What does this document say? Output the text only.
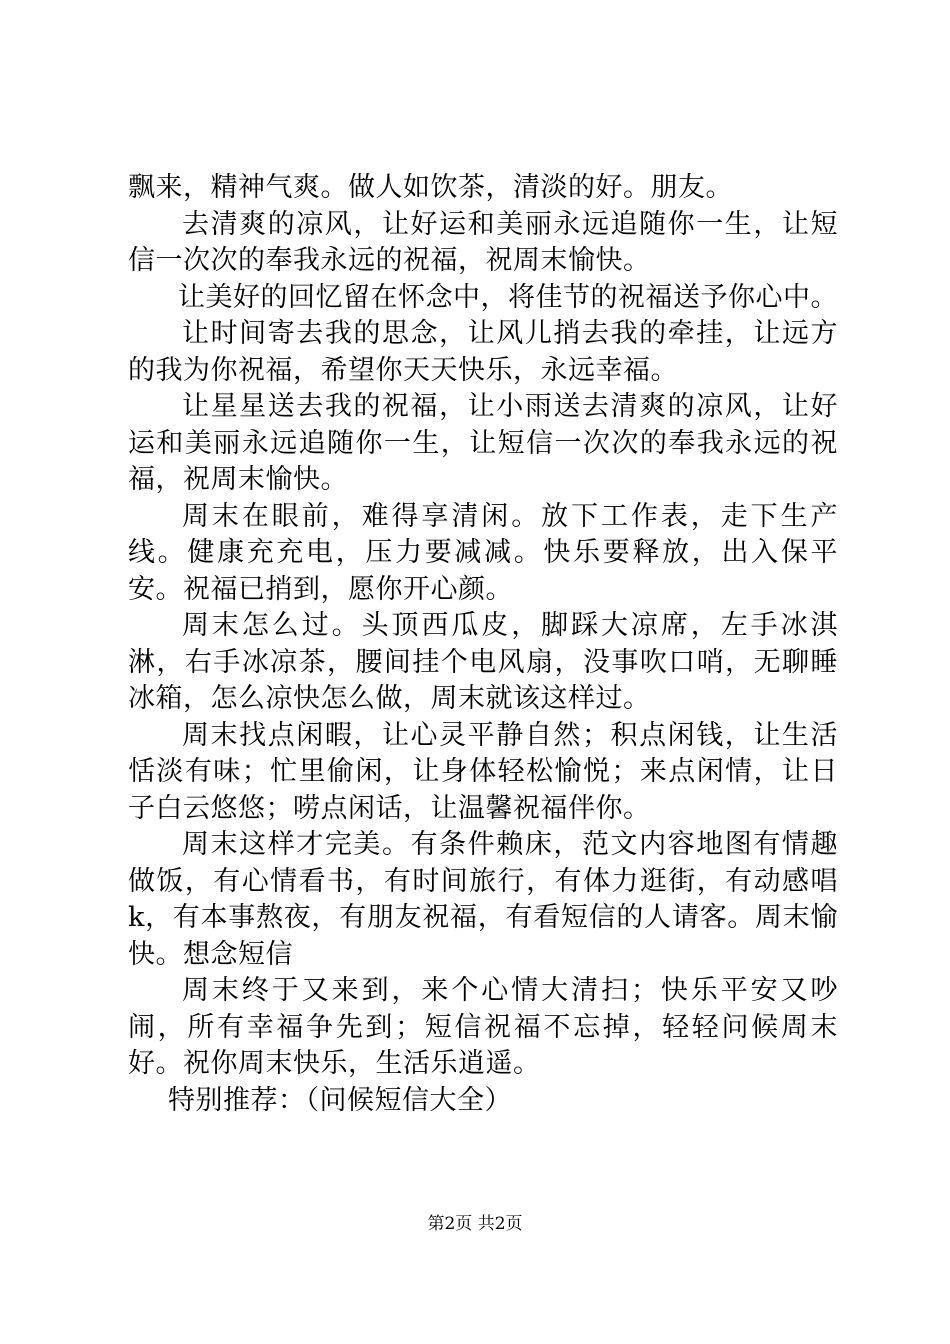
飘来，精神气爽。做人如饮茶，清淡的好。朋友。

去清爽的凉风，让好运和美丽永远追随你一生，让短信一次次的奉我永远的祝福，祝周末愉快。

让美好的回忆留在怀念中，将佳节的祝福送予你心中。

让时间寄去我的思念，让风儿捎去我的牵挂，让远方的我为你祝福，希望你天天快乐，永远幸福。

让星星送去我的祝福，让小雨送去清爽的凉风，让好运和美丽永远追随你一生，让短信一次次的奉我永远的祝福，祝周末愉快。

周末在眼前，难得享清闲。放下工作表，走下生产线。健康充充电，压力要减减。快乐要释放，出入保平安。祝福已捎到，愿你开心颜。

周末怎么过。头顶西瓜皮，脚踩大凉席，左手冰淇淋，右手冰凉茶，腰间挂个电风扇，没事吹口哨，无聊睡冰箱，怎么凉快怎么做，周末就该这样过。

周末找点闲暇，让心灵平静自然；积点闲钱，让生活恬淡有味；忙里偷闲，让身体轻松愉悦；来点闲情，让日子白云悠悠；唠点闲话，让温馨祝福伴你。

周末这样才完美。有条件赖床，范文内容地图有情趣做饭，有心情看书，有时间旅行，有体力逛街，有动感唱k，有本事熬夜，有朋友祝福，有看短信的人请客。周末愉快。想念短信

周末终于又来到，来个心情大清扫；快乐平安又吵闹，所有幸福争先到；短信祝福不忘掉，轻轻问候周末好。祝你周末快乐，生活乐逍遥。

特别推荐：（问候短信大全）

第2页 共2页
